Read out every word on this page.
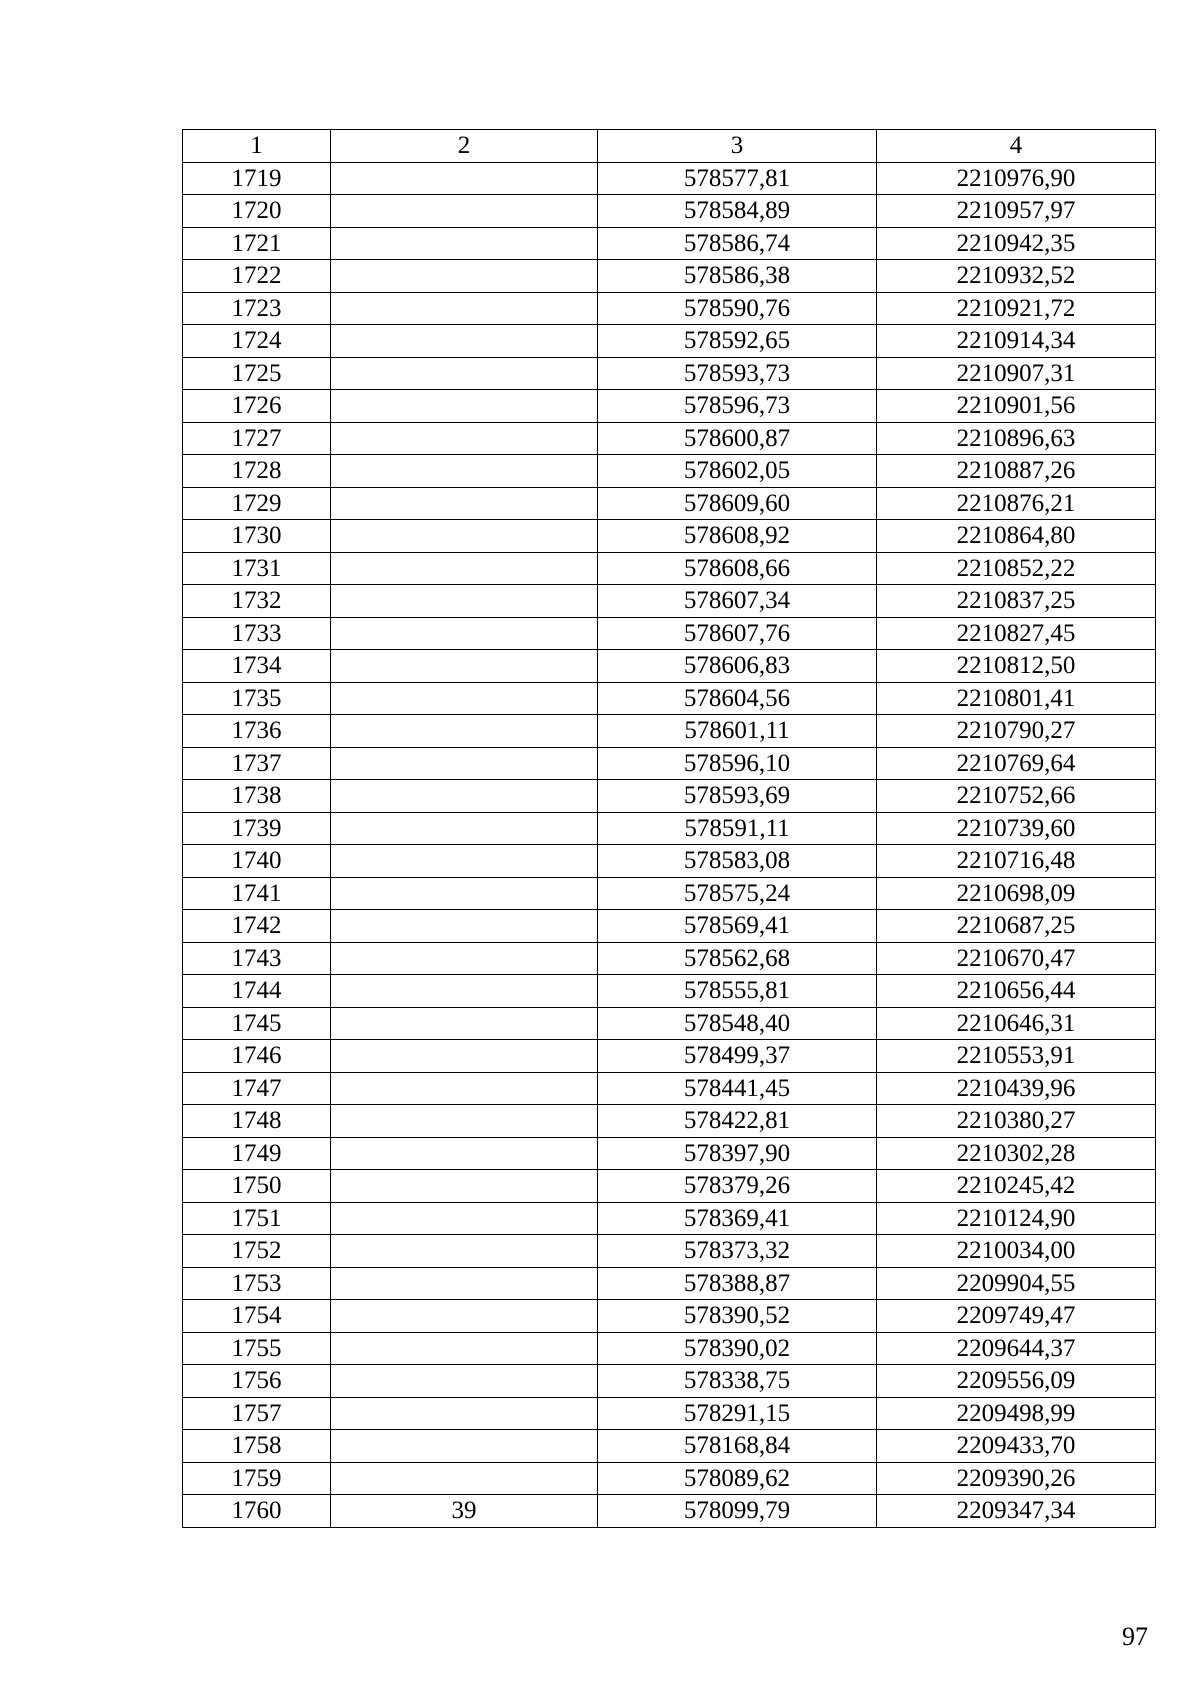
1	2	3	4
1719		578577,81	2210976,90
1720		578584,89	2210957,97
1721		578586,74	2210942,35
1722		578586,38	2210932,52
1723		578590,76	2210921,72
1724		578592,65	2210914,34
1725		578593,73	2210907,31
1726		578596,73	2210901,56
1727		578600,87	2210896,63
1728		578602,05	2210887,26
1729		578609,60	2210876,21
1730		578608,92	2210864,80
1731		578608,66	2210852,22
1732		578607,34	2210837,25
1733		578607,76	2210827,45
1734		578606,83	2210812,50
1735		578604,56	2210801,41
1736		578601,11	2210790,27
1737		578596,10	2210769,64
1738		578593,69	2210752,66
1739		578591,11	2210739,60
1740		578583,08	2210716,48
1741		578575,24	2210698,09
1742		578569,41	2210687,25
1743		578562,68	2210670,47
1744		578555,81	2210656,44
1745		578548,40	2210646,31
1746		578499,37	2210553,91
1747		578441,45	2210439,96
1748		578422,81	2210380,27
1749		578397,90	2210302,28
1750		578379,26	2210245,42
1751		578369,41	2210124,90
1752		578373,32	2210034,00
1753		578388,87	2209904,55
1754		578390,52	2209749,47
1755		578390,02	2209644,37
1756		578338,75	2209556,09
1757		578291,15	2209498,99
1758		578168,84	2209433,70
1759		578089,62	2209390,26
1760	39	578099,79	2209347,34
97
